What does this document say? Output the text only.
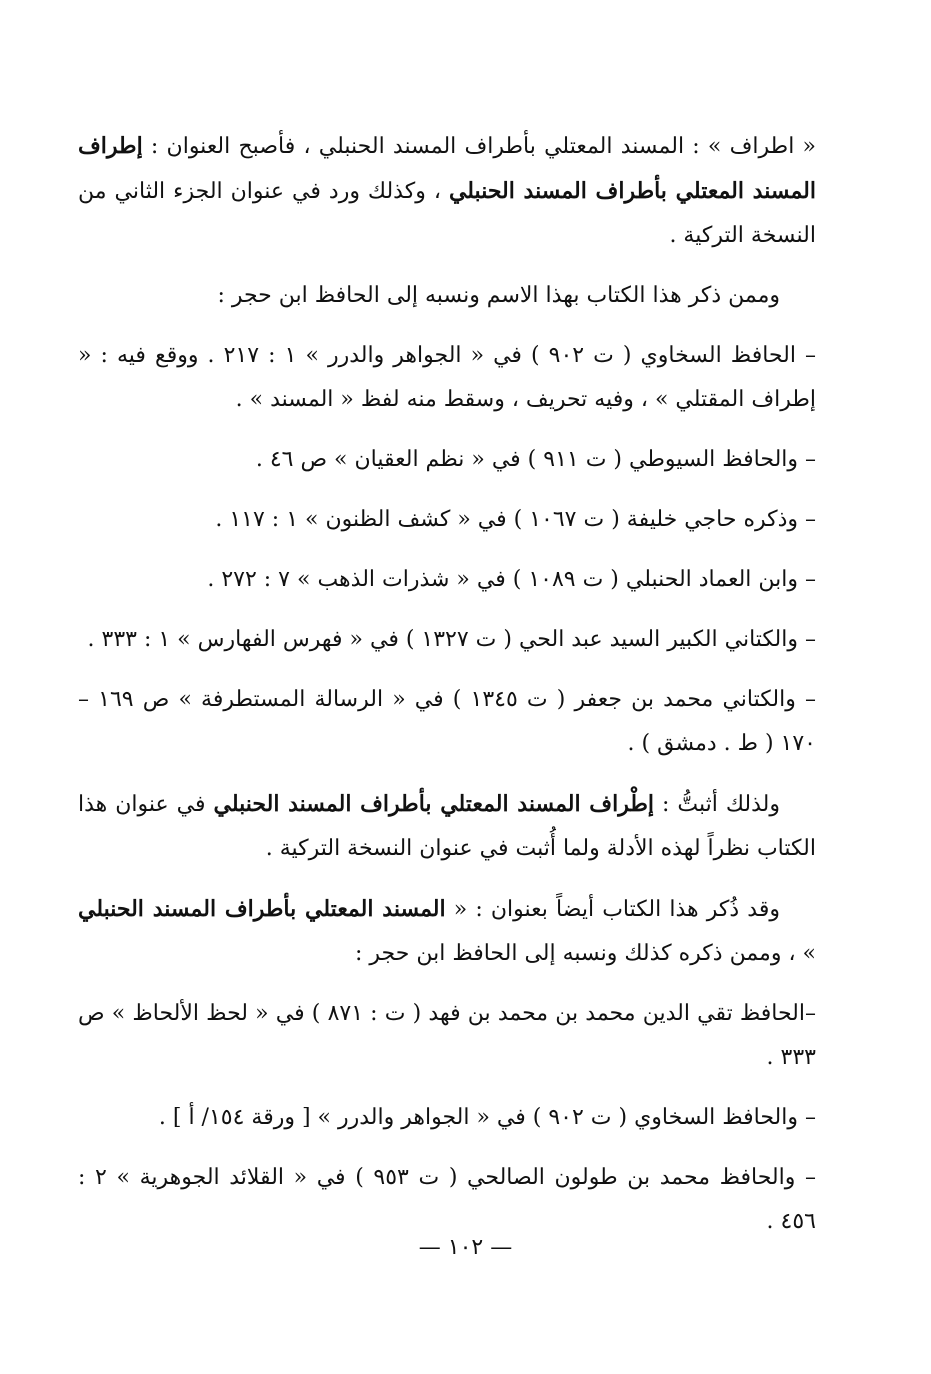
« اطراف » : المسند المعتلي بأطراف المسند الحنبلي ، فأصبح العنوان : إطراف المسند المعتلي بأطراف المسند الحنبلي ، وكذلك ورد في عنوان الجزء الثاني من النسخة التركية .

وممن ذكر هذا الكتاب بهذا الاسم ونسبه إلى الحافظ ابن حجر :

– الحافظ السخاوي ( ت ٩٠٢ ) في « الجواهر والدرر » ١ : ٢١٧ . ووقع فيه : « إطراف المقتلي » ، وفيه تحريف ، وسقط منه لفظ « المسند » .

– والحافظ السيوطي ( ت ٩١١ ) في « نظم العقيان » ص ٤٦ .

– وذكره حاجي خليفة ( ت ١٠٦٧ ) في « كشف الظنون » ١ : ١١٧ .

– وابن العماد الحنبلي ( ت ١٠٨٩ ) في « شذرات الذهب » ٧ : ٢٧٢ .

– والكتاني الكبير السيد عبد الحي ( ت ١٣٢٧ ) في « فهرس الفهارس » ١ : ٣٣٣ .

– والكتاني محمد بن جعفر ( ت ١٣٤٥ ) في « الرسالة المستطرفة » ص ١٦٩ – ١٧٠ ( ط . دمشق ) .

ولذلك أثبتُّ : إطْراف المسند المعتلي بأطراف المسند الحنبلي في عنوان هذا الكتاب نظراً لهذه الأدلة ولما أُثبت في عنوان النسخة التركية .

وقد ذُكر هذا الكتاب أيضاً بعنوان : « المسند المعتلي بأطراف المسند الحنبلي » ، وممن ذكره كذلك ونسبه إلى الحافظ ابن حجر :

–الحافظ تقي الدين محمد بن محمد بن فهد ( ت : ٨٧١ ) في « لحظ الألحاظ » ص ٣٣٣ .

– والحافظ السخاوي ( ت ٩٠٢ ) في « الجواهر والدرر » [ ورقة ١٥٤/ أ ] .

– والحافظ محمد بن طولون الصالحي ( ت ٩٥٣ ) في « القلائد الجوهرية » ٢ : ٤٥٦ .

— ١٠٢ —
